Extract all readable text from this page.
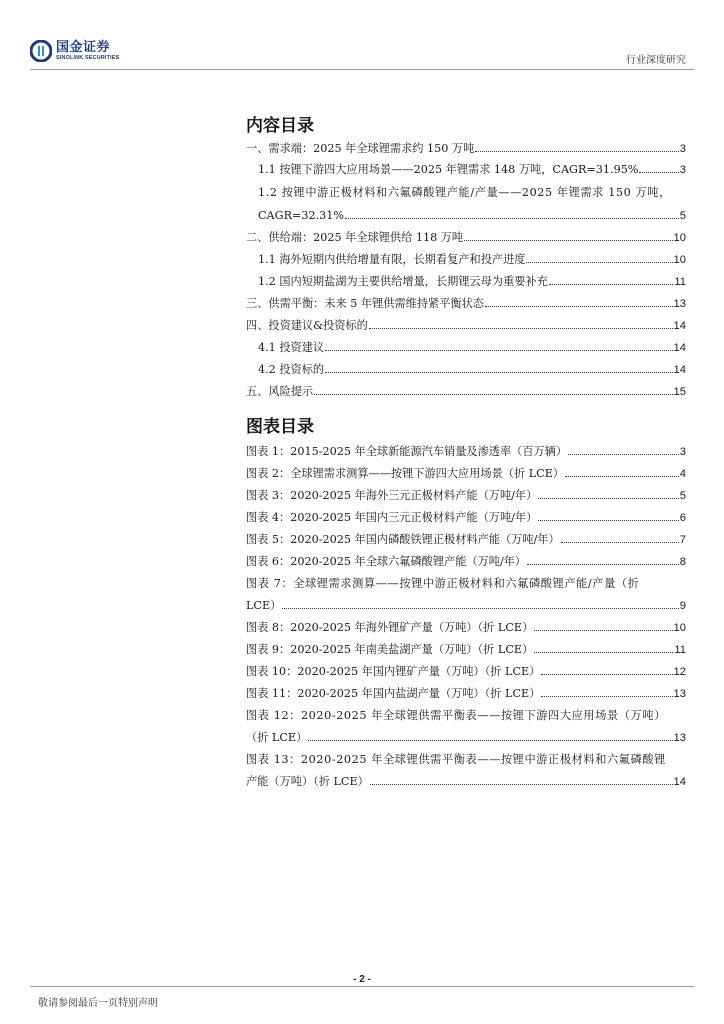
国金证券
SINOLINK SECURITIES	行业深度研究
内容目录
一、需求端：2025 年全球锂需求约 150 万吨	3
1.1 按锂下游四大应用场景——2025 年锂需求 148 万吨，CAGR=31.95%	3
1.2 按锂中游正极材料和六氟磷酸锂产能/产量——2025 年锂需求 150 万吨，
CAGR=32.31%	5
二、供给端：2025 年全球锂供给 118 万吨	10
1.1 海外短期内供给增量有限，长期看复产和投产进度	10
1.2 国内短期盐湖为主要供给增量，长期锂云母为重要补充	11
三、供需平衡：未来 5 年锂供需维持紧平衡状态	13
四、投资建议&投资标的	14
4.1 投资建议	14
4.2 投资标的	14
五、风险提示	15
图表目录
图表 1：2015-2025 年全球新能源汽车销量及渗透率（百万辆）	3
图表 2：全球锂需求测算——按锂下游四大应用场景（折 LCE）	4
图表 3：2020-2025 年海外三元正极材料产能（万吨/年）	5
图表 4：2020-2025 年国内三元正极材料产能（万吨/年）	6
图表 5：2020-2025 年国内磷酸铁锂正极材料产能（万吨/年）	7
图表 6：2020-2025 年全球六氟磷酸锂产能（万吨/年）	8
图表 7：全球锂需求测算——按锂中游正极材料和六氟磷酸锂产能/产量（折
LCE）	9
图表 8：2020-2025 年海外锂矿产量（万吨）（折 LCE）	10
图表 9：2020-2025 年南美盐湖产量（万吨）（折 LCE）	11
图表 10：2020-2025 年国内锂矿产量（万吨）（折 LCE）	12
图表 11：2020-2025 年国内盐湖产量（万吨）（折 LCE）	13
图表 12：2020-2025 年全球锂供需平衡表——按锂下游四大应用场景（万吨）
（折 LCE）	13
图表 13：2020-2025 年全球锂供需平衡表——按锂中游正极材料和六氟磷酸锂
产能（万吨）（折 LCE）	14
- 2 -
敬请参阅最后一页特别声明
